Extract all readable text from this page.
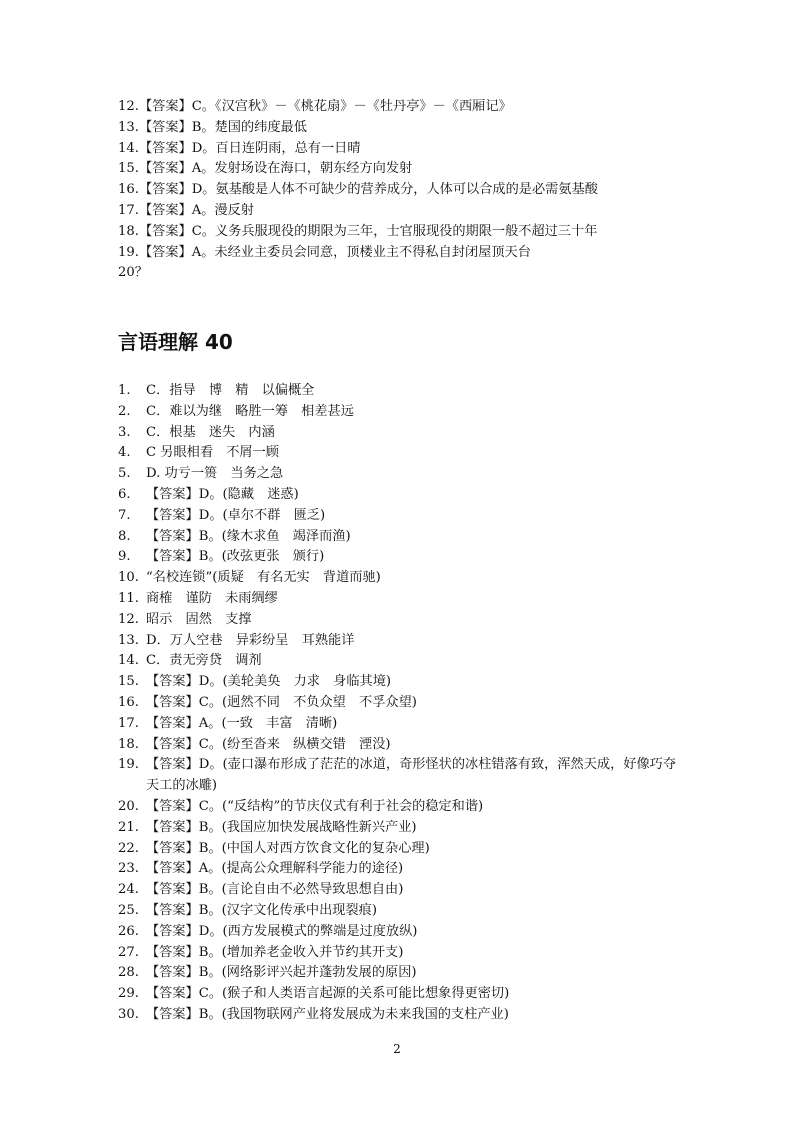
12.【答案】C。《汉宫秋》－《桃花扇》－《牡丹亭》－《西厢记》
13.【答案】B。楚国的纬度最低
14.【答案】D。百日连阴雨，总有一日晴
15.【答案】A。发射场设在海口，朝东经方向发射
16.【答案】D。氨基酸是人体不可缺少的营养成分，人体可以合成的是必需氨基酸
17.【答案】A。漫反射
18.【答案】C。义务兵服现役的期限为三年，士官服现役的期限一般不超过三十年
19.【答案】A。未经业主委员会同意，顶楼业主不得私自封闭屋顶天台
20？
言语理解 40
1.	C．指导　博　精　以偏概全
2.	C．难以为继　略胜一筹　相差甚远
3.	C．根基　迷失　内涵
4.	C 另眼相看　不屑一顾
5.	D. 功亏一篑　当务之急
6.	【答案】D。(隐藏　迷惑)
7.	【答案】D。(卓尔不群　匮乏)
8.	【答案】B。(缘木求鱼　竭泽而渔)
9.	【答案】B。(改弦更张　颁行)
10. “名校连锁”(质疑　有名无实　背道而驰)
11. 商榷　谨防　未雨绸缪
12. 昭示　固然　支撑
13. D．万人空巷　异彩纷呈　耳熟能详
14. C．责无旁贷　调剂
15. 【答案】D。(美轮美奂　力求　身临其境)
16. 【答案】C。(迥然不同　不负众望　不孚众望)
17. 【答案】A。(一致　丰富　清晰)
18. 【答案】C。(纷至沓来　纵横交错　湮没)
19. 【答案】D。(壶口瀑布形成了茫茫的冰道，奇形怪状的冰柱错落有致，浑然天成，好像巧夺天工的冰雕)
20. 【答案】C。(“反结构”的节庆仪式有利于社会的稳定和谐)
21. 【答案】B。(我国应加快发展战略性新兴产业)
22. 【答案】B。(中国人对西方饮食文化的复杂心理)
23. 【答案】A。(提高公众理解科学能力的途径)
24. 【答案】B。(言论自由不必然导致思想自由)
25. 【答案】B。(汉字文化传承中出现裂痕)
26. 【答案】D。(西方发展模式的弊端是过度放纵)
27. 【答案】B。(增加养老金收入并节约其开支)
28. 【答案】B。(网络影评兴起并蓬勃发展的原因)
29. 【答案】C。(猴子和人类语言起源的关系可能比想象得更密切)
30. 【答案】B。(我国物联网产业将发展成为未来我国的支柱产业)
2
